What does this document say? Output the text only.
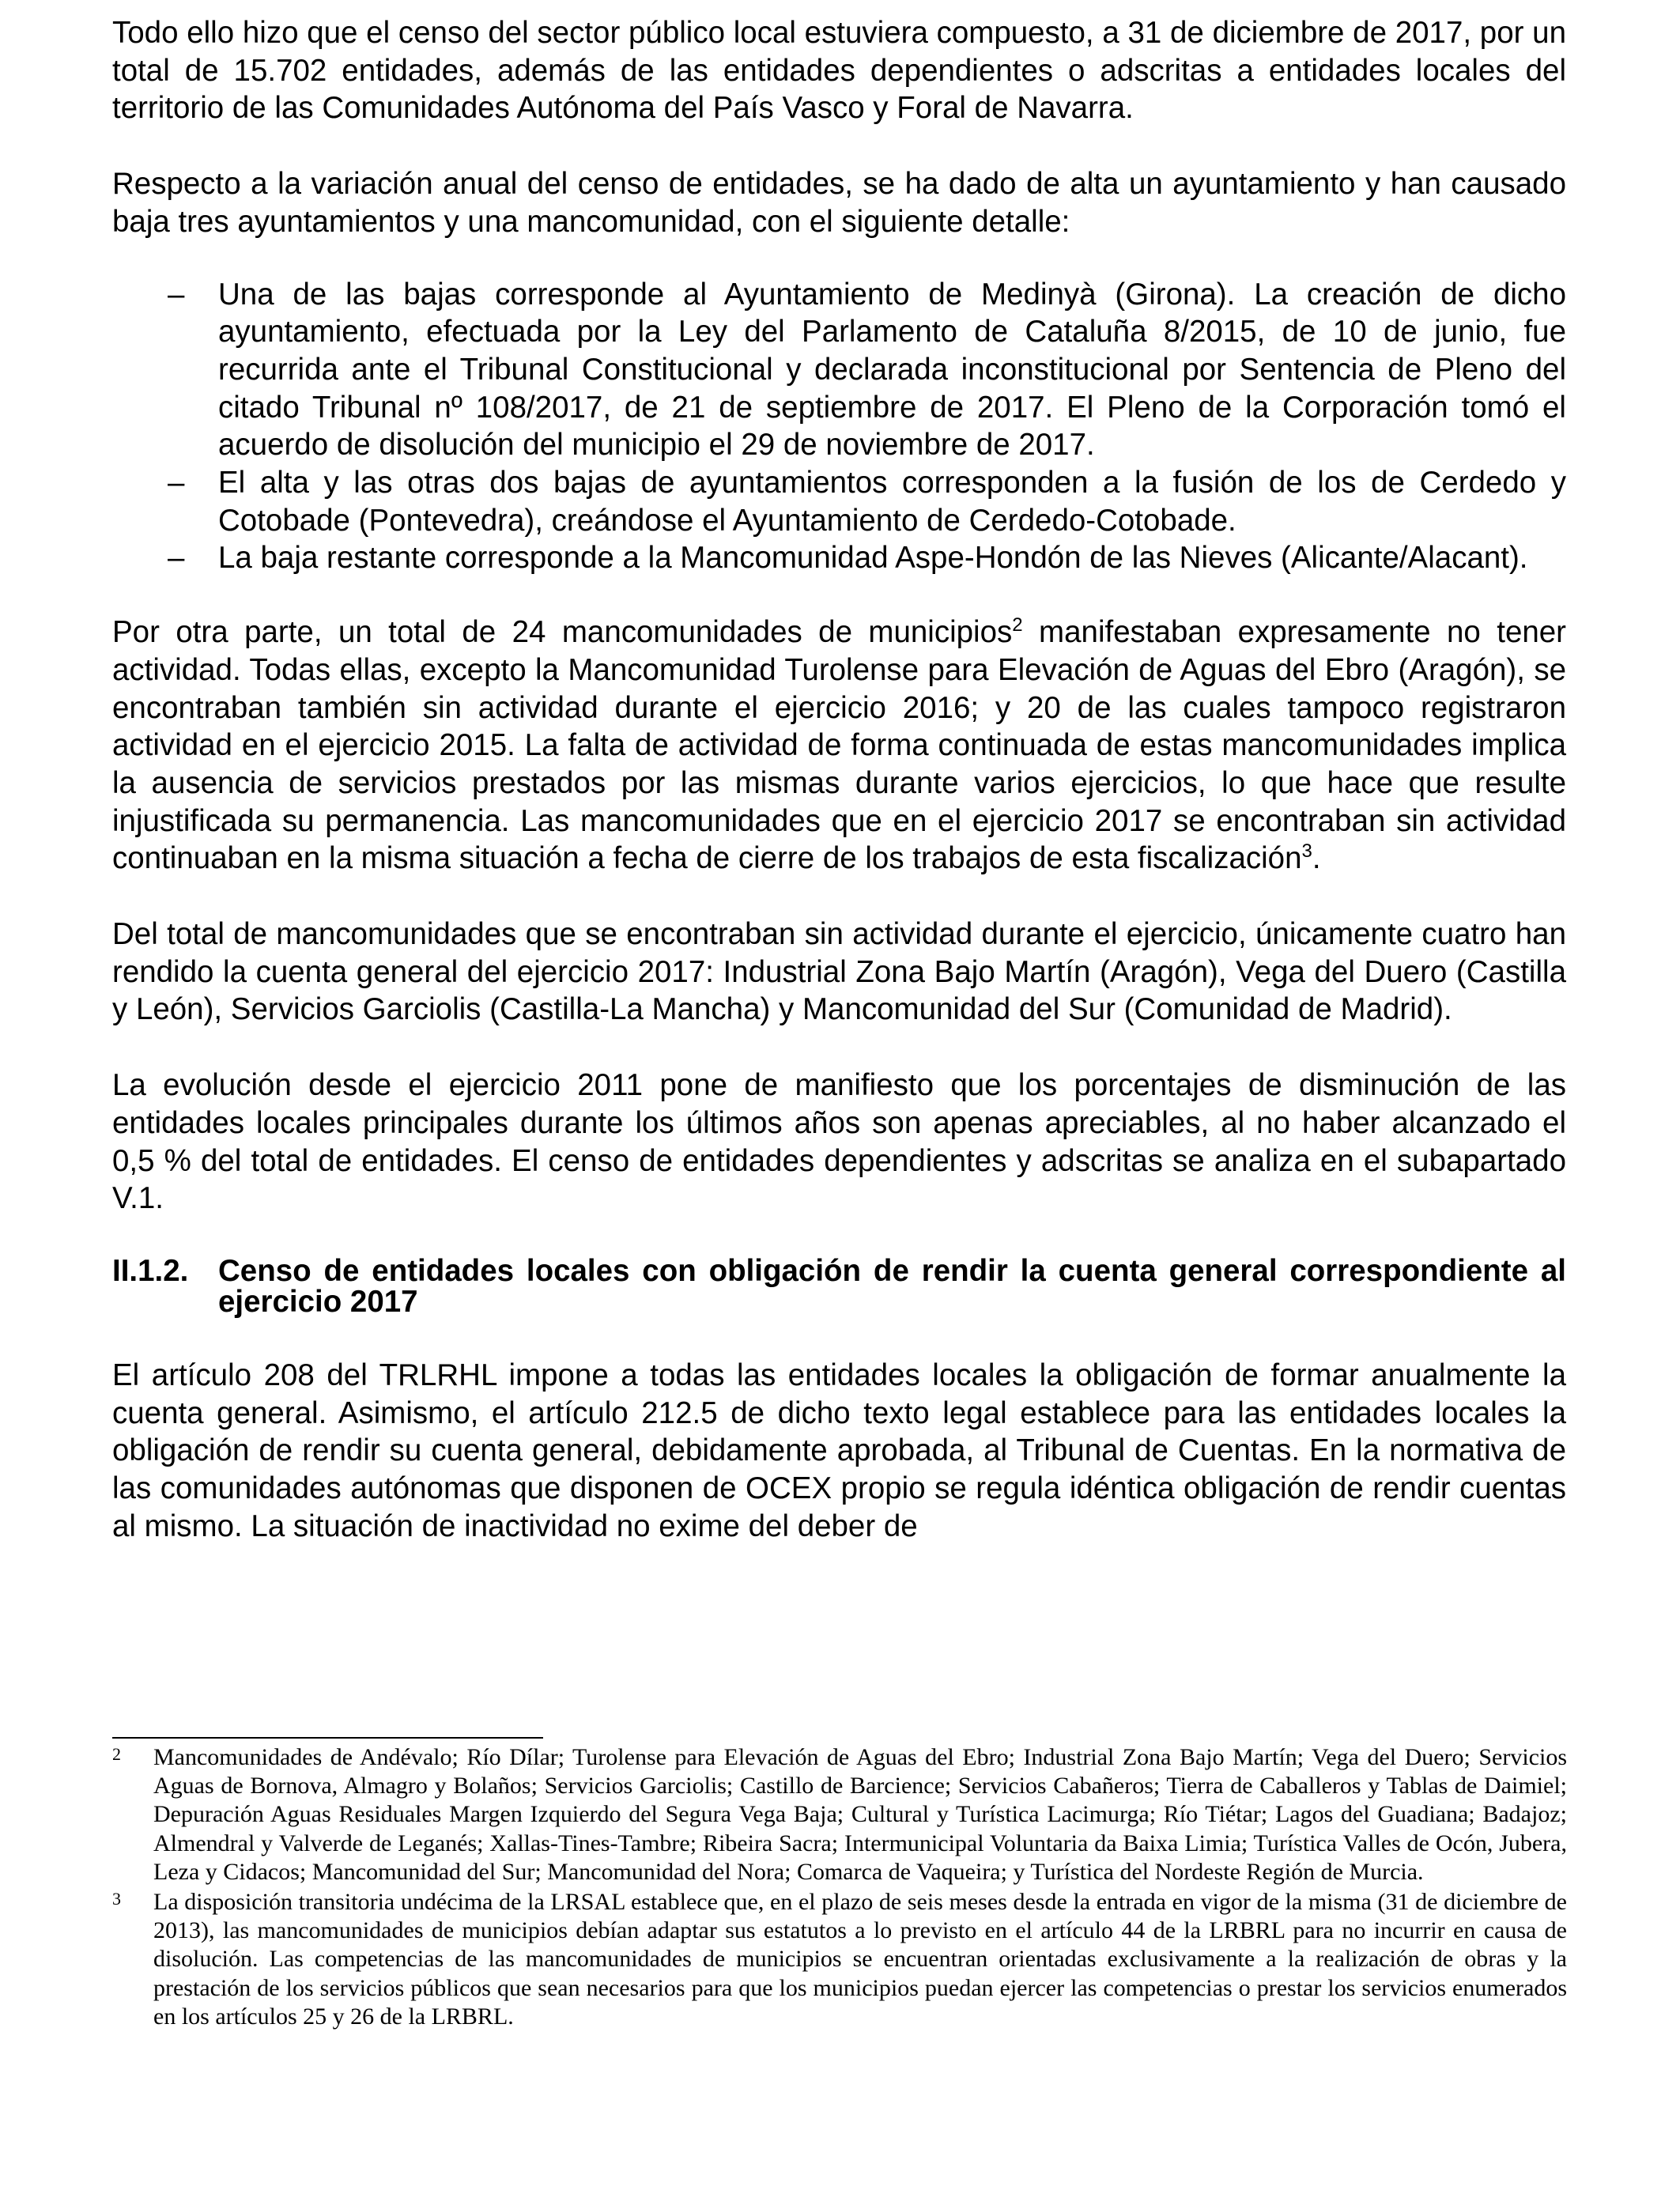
Todo ello hizo que el censo del sector público local estuviera compuesto, a 31 de diciembre de 2017, por un total de 15.702 entidades, además de las entidades dependientes o adscritas a entidades locales del territorio de las Comunidades Autónoma del País Vasco y Foral de Navarra.

Respecto a la variación anual del censo de entidades, se ha dado de alta un ayuntamiento y han causado baja tres ayuntamientos y una mancomunidad, con el siguiente detalle:

– Una de las bajas corresponde al Ayuntamiento de Medinyà (Girona). La creación de dicho ayuntamiento, efectuada por la Ley del Parlamento de Cataluña 8/2015, de 10 de junio, fue recurrida ante el Tribunal Constitucional y declarada inconstitucional por Sentencia de Pleno del citado Tribunal nº 108/2017, de 21 de septiembre de 2017. El Pleno de la Corporación tomó el acuerdo de disolución del municipio el 29 de noviembre de 2017.
– El alta y las otras dos bajas de ayuntamientos corresponden a la fusión de los de Cerdedo y Cotobade (Pontevedra), creándose el Ayuntamiento de Cerdedo-Cotobade.
– La baja restante corresponde a la Mancomunidad Aspe-Hondón de las Nieves (Alicante/Alacant).

Por otra parte, un total de 24 mancomunidades de municipios$^2$ manifestaban expresamente no tener actividad. Todas ellas, excepto la Mancomunidad Turolense para Elevación de Aguas del Ebro (Aragón), se encontraban también sin actividad durante el ejercicio 2016; y 20 de las cuales tampoco registraron actividad en el ejercicio 2015. La falta de actividad de forma continuada de estas mancomunidades implica la ausencia de servicios prestados por las mismas durante varios ejercicios, lo que hace que resulte injustificada su permanencia. Las mancomunidades que en el ejercicio 2017 se encontraban sin actividad continuaban en la misma situación a fecha de cierre de los trabajos de esta fiscalización$^3$.

Del total de mancomunidades que se encontraban sin actividad durante el ejercicio, únicamente cuatro han rendido la cuenta general del ejercicio 2017: Industrial Zona Bajo Martín (Aragón), Vega del Duero (Castilla y León), Servicios Garciolis (Castilla-La Mancha) y Mancomunidad del Sur (Comunidad de Madrid).

La evolución desde el ejercicio 2011 pone de manifiesto que los porcentajes de disminución de las entidades locales principales durante los últimos años son apenas apreciables, al no haber alcanzado el 0,5 % del total de entidades. El censo de entidades dependientes y adscritas se analiza en el subapartado V.1.

II.1.2. Censo de entidades locales con obligación de rendir la cuenta general correspondiente al ejercicio 2017

El artículo 208 del TRLRHL impone a todas las entidades locales la obligación de formar anualmente la cuenta general. Asimismo, el artículo 212.5 de dicho texto legal establece para las entidades locales la obligación de rendir su cuenta general, debidamente aprobada, al Tribunal de Cuentas. En la normativa de las comunidades autónomas que disponen de OCEX propio se regula idéntica obligación de rendir cuentas al mismo. La situación de inactividad no exime del deber de

2	Mancomunidades de Andévalo; Río Dílar; Turolense para Elevación de Aguas del Ebro; Industrial Zona Bajo Martín; Vega del Duero; Servicios Aguas de Bornova, Almagro y Bolaños; Servicios Garciolis; Castillo de Barcience; Servicios Cabañeros; Tierra de Caballeros y Tablas de Daimiel; Depuración Aguas Residuales Margen Izquierdo del Segura Vega Baja; Cultural y Turística Lacimurga; Río Tiétar; Lagos del Guadiana; Badajoz; Almendral y Valverde de Leganés; Xallas-Tines-Tambre; Ribeira Sacra; Intermunicipal Voluntaria da Baixa Limia; Turística Valles de Ocón, Jubera, Leza y Cidacos; Mancomunidad del Sur; Mancomunidad del Nora; Comarca de Vaqueira; y Turística del Nordeste Región de Murcia.
3	La disposición transitoria undécima de la LRSAL establece que, en el plazo de seis meses desde la entrada en vigor de la misma (31 de diciembre de 2013), las mancomunidades de municipios debían adaptar sus estatutos a lo previsto en el artículo 44 de la LRBRL para no incurrir en causa de disolución. Las competencias de las mancomunidades de municipios se encuentran orientadas exclusivamente a la realización de obras y la prestación de los servicios públicos que sean necesarios para que los municipios puedan ejercer las competencias o prestar los servicios enumerados en los artículos 25 y 26 de la LRBRL.
